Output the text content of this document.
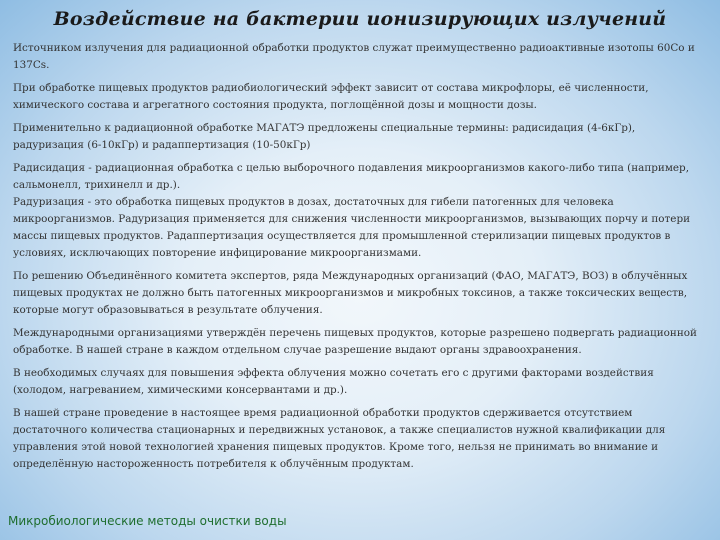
Воздействие на бактерии ионизирующих излучений

Источником излучения для радиационной обработки продуктов служат преимущественно радиоактивные изотопы 60Co и 137Cs.

При обработке пищевых продуктов радиобиологический эффект зависит от состава микрофлоры, её численности, химического состава и агрегатного состояния продукта, поглощённой дозы и мощности дозы.

Применительно к радиационной обработке МАГАТЭ предложены специальные термины: радисидация (4-6кГр), радуризация (6-10кГр) и радаппертизация (10-50кГр)

Радисидация - радиационная обработка с целью выборочного подавления микроорганизмов какого-либо типа (например, сальмонелл, трихинелл и др.).

Радуризация - это обработка пищевых продуктов в дозах, достаточных для гибели патогенных для человека микроорганизмов. Радуризация применяется для снижения численности микроорганизмов, вызывающих порчу и потери массы пищевых продуктов. Радаппертизация осуществляется для промышленной стерилизации пищевых продуктов в условиях, исключающих повторение инфицирование микроорганизмами.

По решению Объединённого комитета экспертов, ряда Международных организаций (ФАО, МАГАТЭ, ВОЗ) в облучённых пищевых продуктах не должно быть патогенных микроорганизмов и микробных токсинов, а также токсических веществ, которые могут образовываться в результате облучения.

Международными организациями утверждён перечень пищевых продуктов, которые разрешено подвергать радиационной обработке. В нашей стране в каждом отдельном случае разрешение выдают органы здравоохранения.

В необходимых случаях для повышения эффекта облучения можно сочетать его с другими факторами воздействия (холодом, нагреванием, химическими консервантами и др.).

В нашей стране проведение в настоящее время радиационной обработки продуктов сдерживается отсутствием достаточного количества стационарных и передвижных установок, а также специалистов нужной квалификации для управления этой новой технологией хранения пищевых продуктов. Кроме того, нельзя не принимать во внимание и определённую настороженность потребителя к облучённым продуктам.

Микробиологические методы очистки воды
